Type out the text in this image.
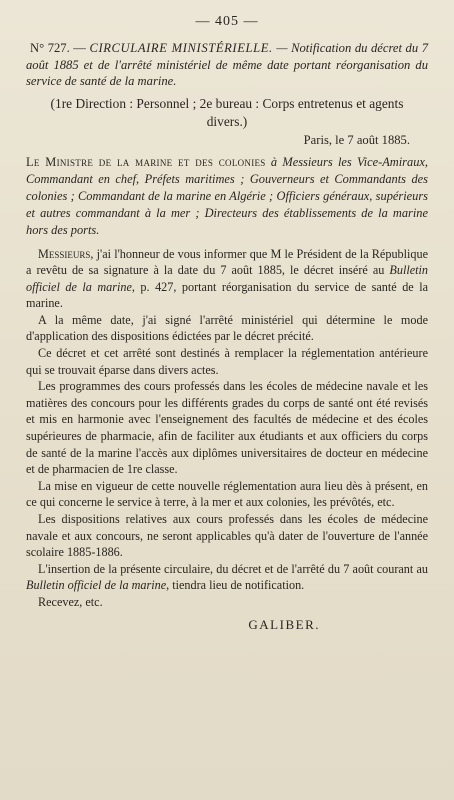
— 405 —

N° 727. — CIRCULAIRE MINISTÉRIELLE. — Notification du décret du 7 août 1885 et de l'arrêté ministériel de même date portant réorganisation du service de santé de la marine.

(1re Direction : Personnel ; 2e bureau : Corps entretenus et agents divers.)

Paris, le 7 août 1885.

Le Ministre de la marine et des colonies à Messieurs les Vice-Amiraux, Commandant en chef, Préfets maritimes ; Gouverneurs et Commandants des colonies ; Commandant de la marine en Algérie ; Officiers généraux, supérieurs et autres commandant à la mer ; Directeurs des établissements de la marine hors des ports.

Messieurs, j'ai l'honneur de vous informer que M le Président de la République a revêtu de sa signature à la date du 7 août 1885, le décret inséré au Bulletin officiel de la marine, p. 427, portant réorganisation du service de santé de la marine.

A la même date, j'ai signé l'arrêté ministériel qui détermine le mode d'application des dispositions édictées par le décret précité.

Ce décret et cet arrêté sont destinés à remplacer la réglementation antérieure qui se trouvait éparse dans divers actes.

Les programmes des cours professés dans les écoles de médecine navale et les matières des concours pour les différents grades du corps de santé ont été revisés et mis en harmonie avec l'enseignement des facultés de médecine et des écoles supérieures de pharmacie, afin de faciliter aux étudiants et aux officiers du corps de santé de la marine l'accès aux diplômes universitaires de docteur en médecine et de pharmacien de 1re classe.

La mise en vigueur de cette nouvelle réglementation aura lieu dès à présent, en ce qui concerne le service à terre, à la mer et aux colonies, les prévôtés, etc.

Les dispositions relatives aux cours professés dans les écoles de médecine navale et aux concours, ne seront applicables qu'à dater de l'ouverture de l'année scolaire 1885-1886.

L'insertion de la présente circulaire, du décret et de l'arrêté du 7 août courant au Bulletin officiel de la marine, tiendra lieu de notification.

Recevez, etc.

GALIBER.
